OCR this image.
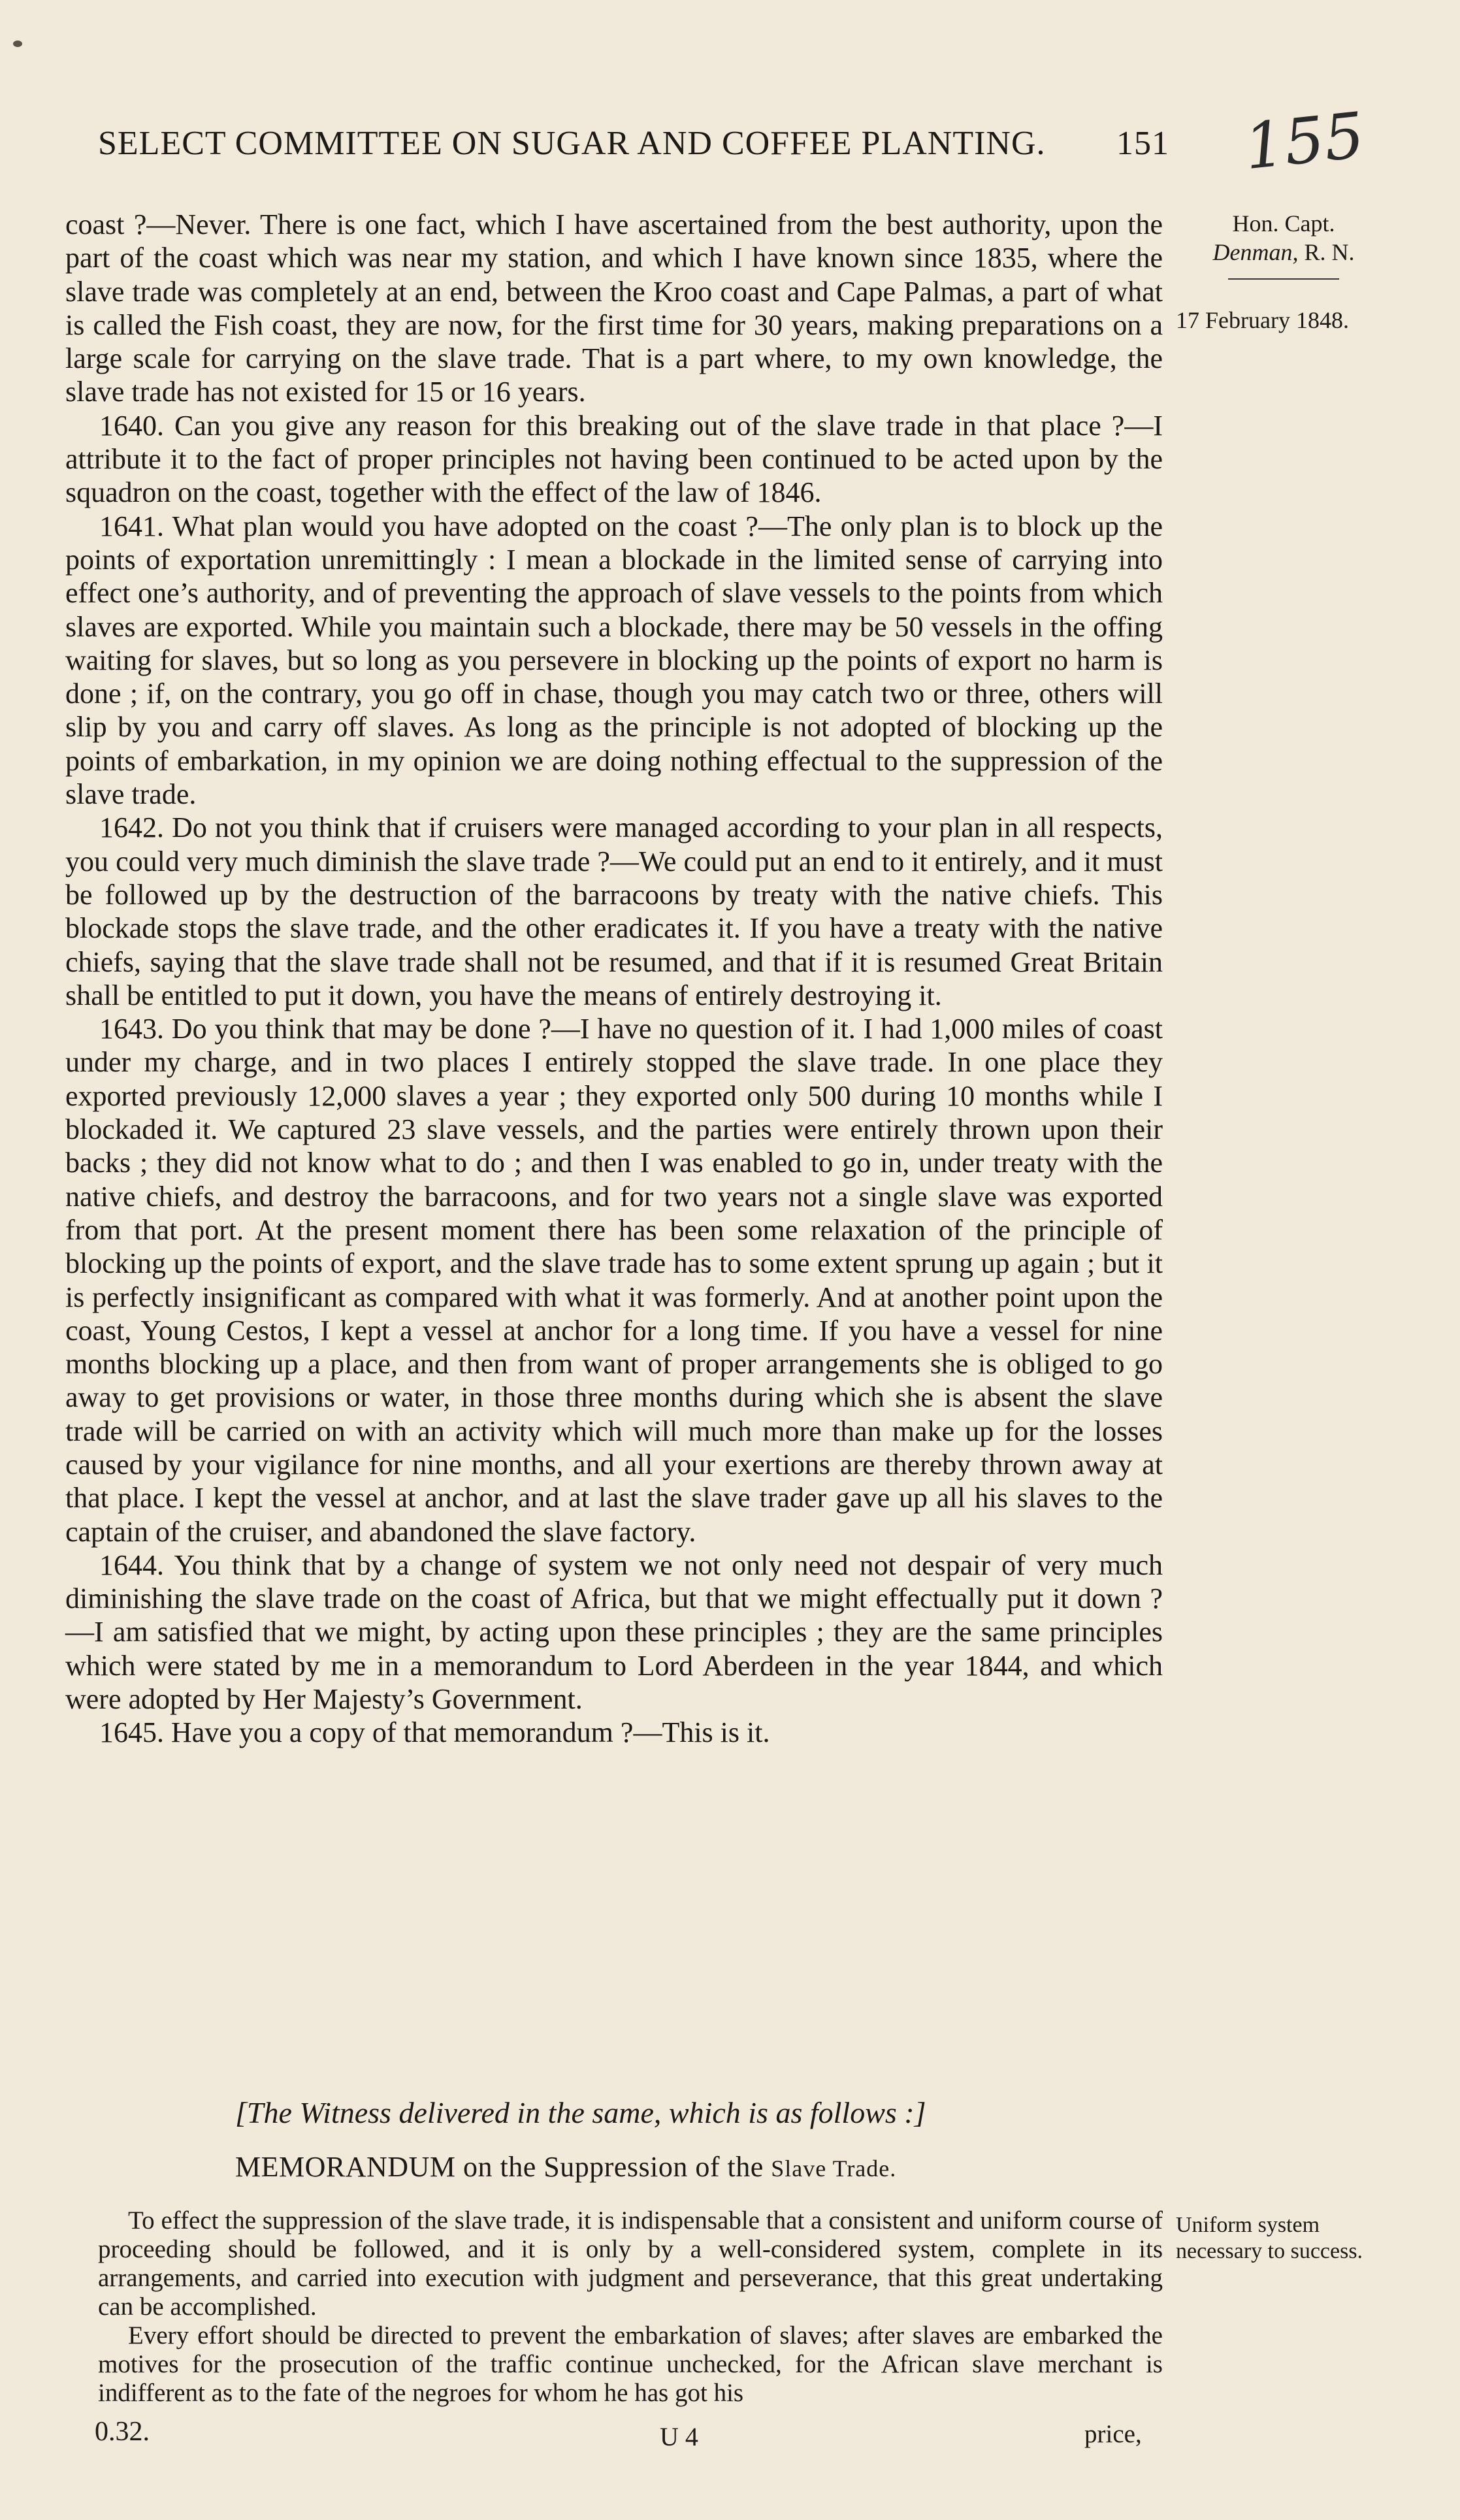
SELECT COMMITTEE ON SUGAR AND COFFEE PLANTING. 151 155
Hon. Capt.
Denman, R. N.
17 February 1848.

coast ?—Never. There is one fact, which I have ascertained from the best authority, upon the part of the coast which was near my station, and which I have known since 1835, where the slave trade was completely at an end, between the Kroo coast and Cape Palmas, a part of what is called the Fish coast, they are now, for the first time for 30 years, making preparations on a large scale for carrying on the slave trade. That is a part where, to my own knowledge, the slave trade has not existed for 15 or 16 years.

1640. Can you give any reason for this breaking out of the slave trade in that place ?—I attribute it to the fact of proper principles not having been continued to be acted upon by the squadron on the coast, together with the effect of the law of 1846.

1641. What plan would you have adopted on the coast ?—The only plan is to block up the points of exportation unremittingly : I mean a blockade in the limited sense of carrying into effect one’s authority, and of preventing the approach of slave vessels to the points from which slaves are exported. While you maintain such a blockade, there may be 50 vessels in the offing waiting for slaves, but so long as you persevere in blocking up the points of export no harm is done ; if, on the contrary, you go off in chase, though you may catch two or three, others will slip by you and carry off slaves. As long as the principle is not adopted of blocking up the points of embarkation, in my opinion we are doing nothing effectual to the suppression of the slave trade.

1642. Do not you think that if cruisers were managed according to your plan in all respects, you could very much diminish the slave trade ?—We could put an end to it entirely, and it must be followed up by the destruction of the barracoons by treaty with the native chiefs. This blockade stops the slave trade, and the other eradicates it. If you have a treaty with the native chiefs, saying that the slave trade shall not be resumed, and that if it is resumed Great Britain shall be entitled to put it down, you have the means of entirely destroying it.

1643. Do you think that may be done ?—I have no question of it. I had 1,000 miles of coast under my charge, and in two places I entirely stopped the slave trade. In one place they exported previously 12,000 slaves a year ; they exported only 500 during 10 months while I blockaded it. We captured 23 slave vessels, and the parties were entirely thrown upon their backs ; they did not know what to do ; and then I was enabled to go in, under treaty with the native chiefs, and destroy the barracoons, and for two years not a single slave was exported from that port. At the present moment there has been some relaxation of the principle of blocking up the points of export, and the slave trade has to some extent sprung up again ; but it is perfectly insignificant as compared with what it was formerly. And at another point upon the coast, Young Cestos, I kept a vessel at anchor for a long time. If you have a vessel for nine months blocking up a place, and then from want of proper arrangements she is obliged to go away to get provisions or water, in those three months during which she is absent the slave trade will be carried on with an activity which will much more than make up for the losses caused by your vigilance for nine months, and all your exertions are thereby thrown away at that place. I kept the vessel at anchor, and at last the slave trader gave up all his slaves to the captain of the cruiser, and abandoned the slave factory.

1644. You think that by a change of system we not only need not despair of very much diminishing the slave trade on the coast of Africa, but that we might effectually put it down ?—I am satisfied that we might, by acting upon these principles ; they are the same principles which were stated by me in a memorandum to Lord Aberdeen in the year 1844, and which were adopted by Her Majesty’s Government.

1645. Have you a copy of that memorandum ?—This is it.

[The Witness delivered in the same, which is as follows :]
MEMORANDUM on the Suppression of the Slave Trade.

To effect the suppression of the slave trade, it is indispensable that a consistent and uniform course of proceeding should be followed, and it is only by a well-considered system, complete in its arrangements, and carried into execution with judgment and perseverance, that this great undertaking can be accomplished.

Every effort should be directed to prevent the embarkation of slaves; after slaves are embarked the motives for the prosecution of the traffic continue unchecked, for the African slave merchant is indifferent as to the fate of the negroes for whom he has got his

Uniform system necessary to success.
0.32.	U 4	price,
